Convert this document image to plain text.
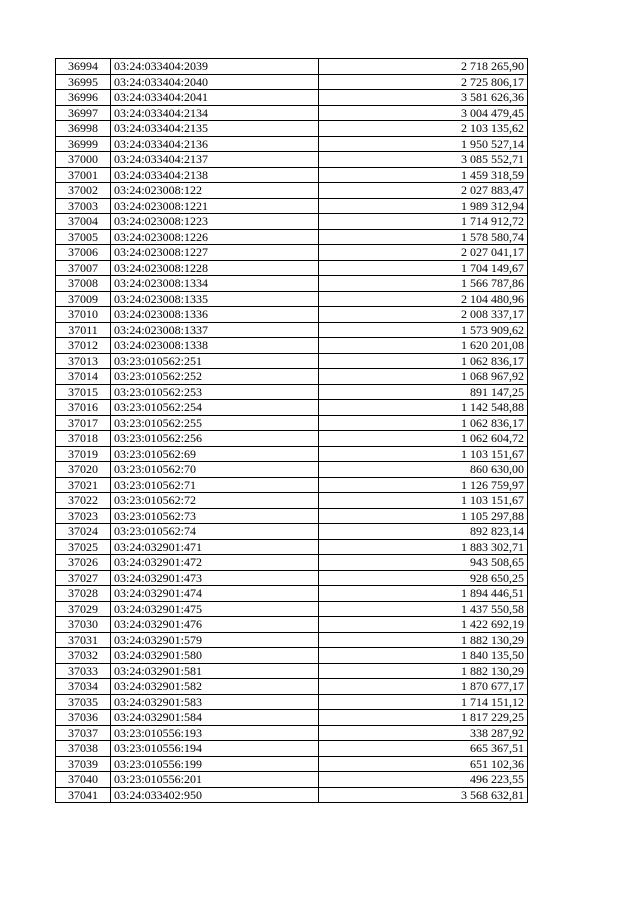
36994	03:24:033404:2039	2 718 265,90
36995	03:24:033404:2040	2 725 806,17
36996	03:24:033404:2041	3 581 626,36
36997	03:24:033404:2134	3 004 479,45
36998	03:24:033404:2135	2 103 135,62
36999	03:24:033404:2136	1 950 527,14
37000	03:24:033404:2137	3 085 552,71
37001	03:24:033404:2138	1 459 318,59
37002	03:24:023008:122	2 027 883,47
37003	03:24:023008:1221	1 989 312,94
37004	03:24:023008:1223	1 714 912,72
37005	03:24:023008:1226	1 578 580,74
37006	03:24:023008:1227	2 027 041,17
37007	03:24:023008:1228	1 704 149,67
37008	03:24:023008:1334	1 566 787,86
37009	03:24:023008:1335	2 104 480,96
37010	03:24:023008:1336	2 008 337,17
37011	03:24:023008:1337	1 573 909,62
37012	03:24:023008:1338	1 620 201,08
37013	03:23:010562:251	1 062 836,17
37014	03:23:010562:252	1 068 967,92
37015	03:23:010562:253	891 147,25
37016	03:23:010562:254	1 142 548,88
37017	03:23:010562:255	1 062 836,17
37018	03:23:010562:256	1 062 604,72
37019	03:23:010562:69	1 103 151,67
37020	03:23:010562:70	860 630,00
37021	03:23:010562:71	1 126 759,97
37022	03:23:010562:72	1 103 151,67
37023	03:23:010562:73	1 105 297,88
37024	03:23:010562:74	892 823,14
37025	03:24:032901:471	1 883 302,71
37026	03:24:032901:472	943 508,65
37027	03:24:032901:473	928 650,25
37028	03:24:032901:474	1 894 446,51
37029	03:24:032901:475	1 437 550,58
37030	03:24:032901:476	1 422 692,19
37031	03:24:032901:579	1 882 130,29
37032	03:24:032901:580	1 840 135,50
37033	03:24:032901:581	1 882 130,29
37034	03:24:032901:582	1 870 677,17
37035	03:24:032901:583	1 714 151,12
37036	03:24:032901:584	1 817 229,25
37037	03:23:010556:193	338 287,92
37038	03:23:010556:194	665 367,51
37039	03:23:010556:199	651 102,36
37040	03:23:010556:201	496 223,55
37041	03:24:033402:950	3 568 632,81
